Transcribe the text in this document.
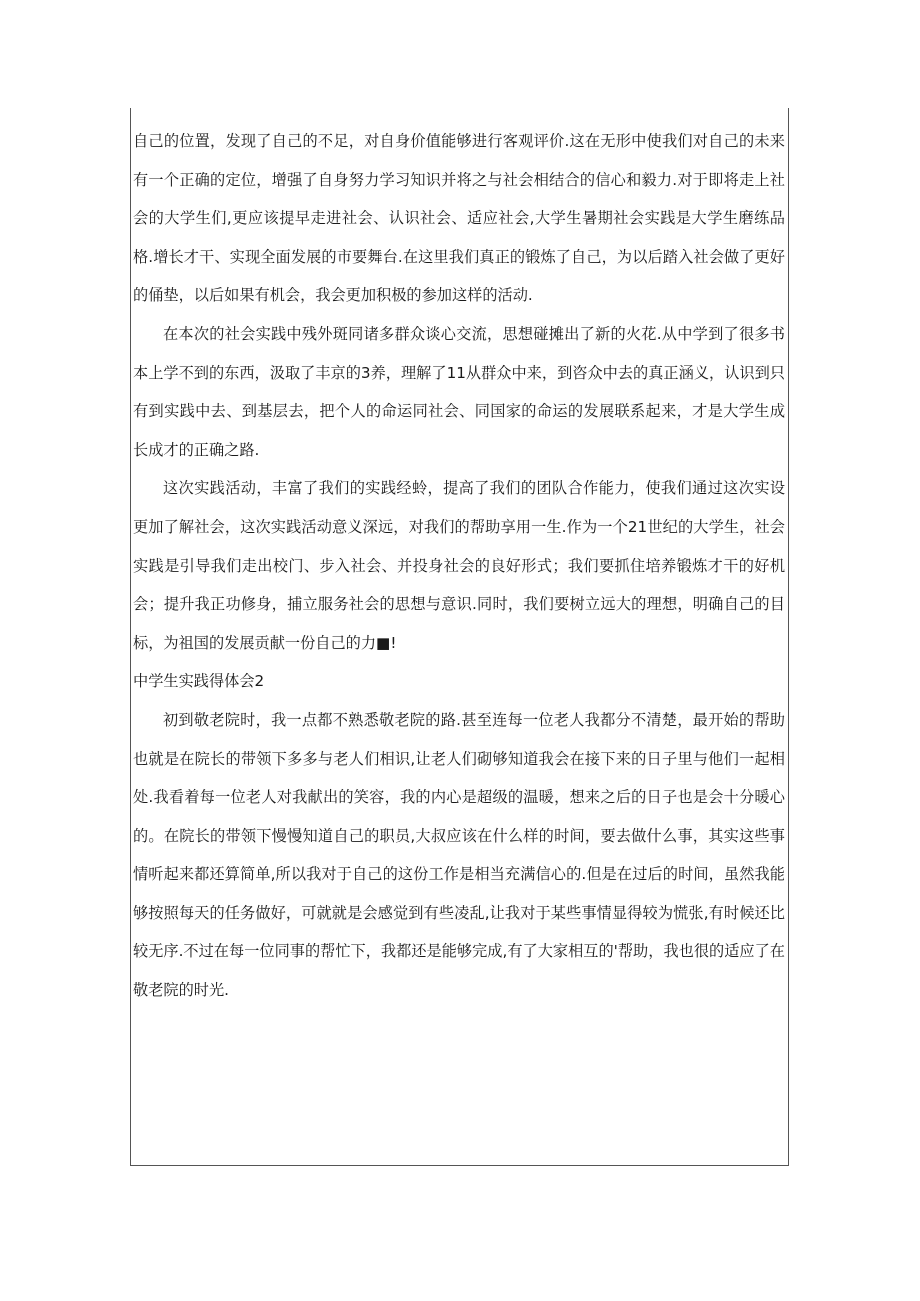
自己的位置，发现了自己的不足，对自身价值能够进行客观评价.这在无形中使我们对自己的未来有一个正确的定位，增强了自身努力学习知识并将之与社会相结合的信心和毅力.对于即将走上社会的大学生们,更应该提早走进社会、认识社会、适应社会,大学生暑期社会实践是大学生磨练品格.增长才干、实现全面发展的市要舞台.在这里我们真正的锻炼了自己，为以后踏入社会做了更好的俑垫，以后如果有机会，我会更加积极的参加这样的活动.

在本次的社会实践中残外斑同诸多群众谈心交流，思想碰摊出了新的火花.从中学到了很多书本上学不到的东西，汲取了丰京的3养，理解了11从群众中来，到咨众中去的真正涵义，认识到只有到实践中去、到基层去，把个人的命运同社会、同国家的命运的发展联系起来，才是大学生成长成才的正确之路.

这次实践活动，丰富了我们的实践经蛉，提高了我们的团队合作能力，使我们通过这次实设更加了解社会，这次实践活动意义深远，对我们的帮助享用一生.作为一个21世纪的大学生，社会实践是引导我们走出校门、步入社会、并投身社会的良好形式；我们要抓住培养锻炼才干的好机会；提升我正功修身，捕立服务社会的思想与意识.同时，我们要树立远大的理想，明确自己的目标，为祖国的发展贡献一份自己的力■!

中学生实践得体会2

初到敬老院时，我一点都不熟悉敬老院的路.甚至连每一位老人我都分不清楚，最开始的帮助也就是在院长的带领下多多与老人们相识,让老人们砌够知道我会在接下来的日子里与他们一起相处.我看着每一位老人对我献出的笑容，我的内心是超级的温暖，想来之后的日子也是会十分暖心的。在院长的带领下慢慢知道自己的职员,大叔应该在什么样的时间，要去做什么事，其实这些事情听起来都还算简单,所以我对于自己的这份工作是相当充满信心的.但是在过后的时间，虽然我能够按照每天的任务做好，可就就是会感觉到有些凌乱,让我对于某些事情显得较为慌张,有时候还比较无序.不过在每一位同事的帮忙下，我都还是能够完成,有了大家相互的'帮助，我也很的适应了在敬老院的时光.
